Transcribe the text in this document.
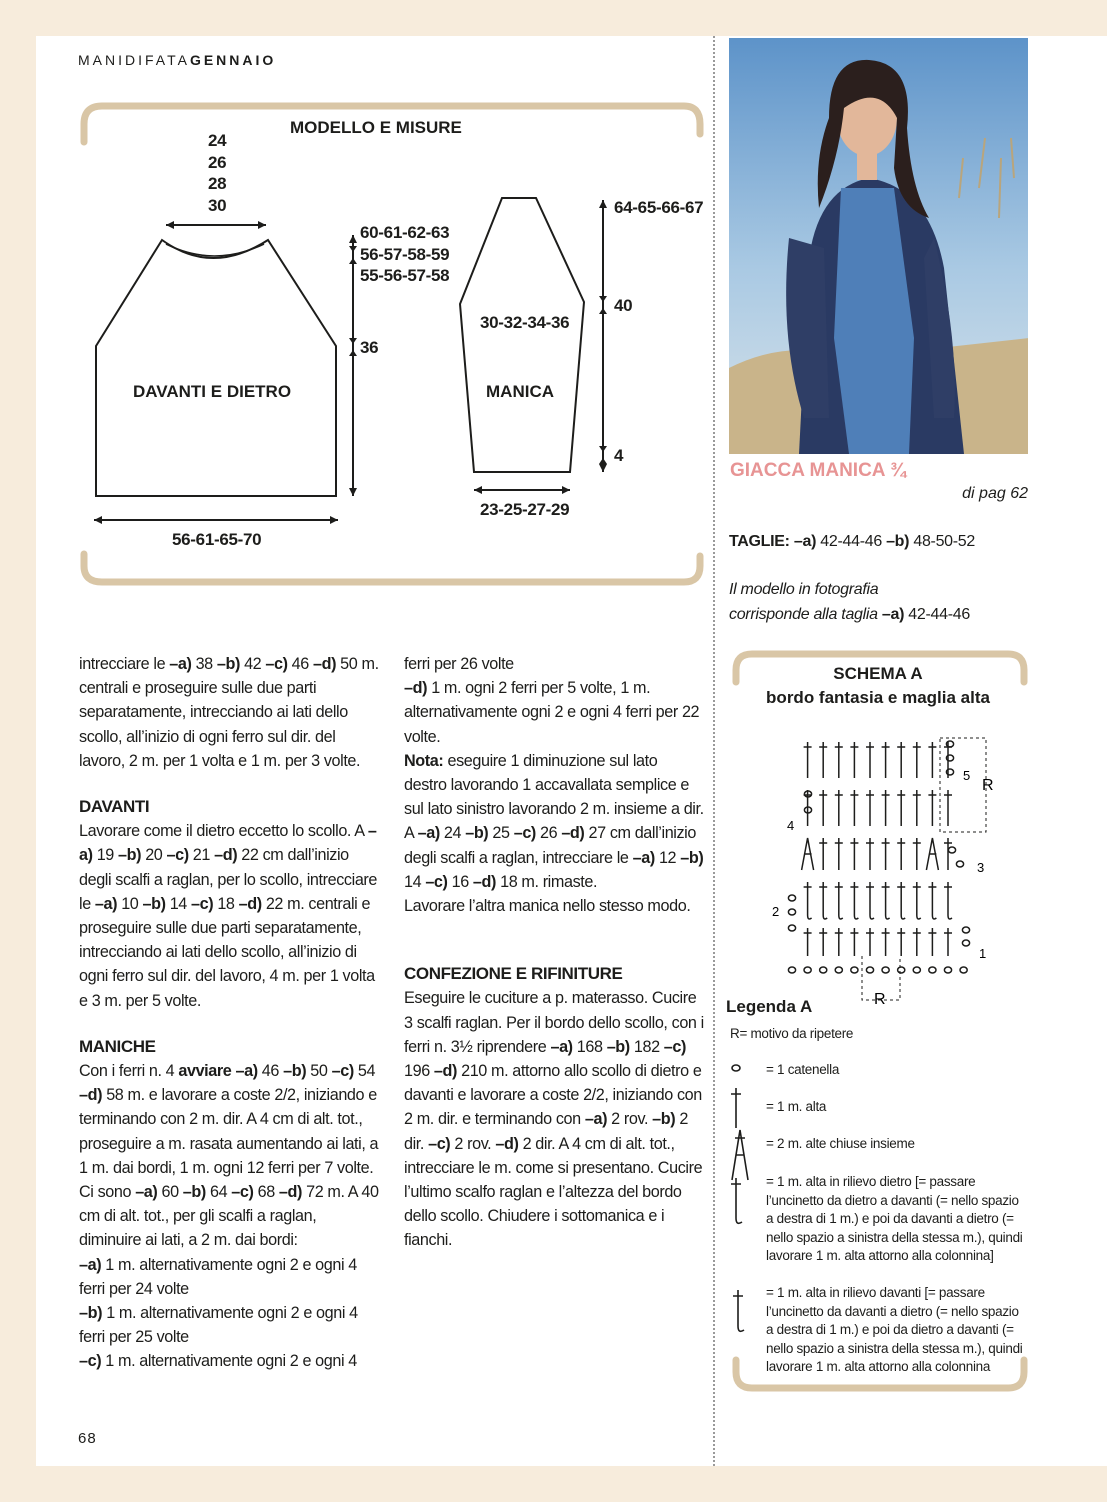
MANIDIFATAGENNAIO
MODELLO E MISURE
24
26
28
30
60-61-62-63
56-57-58-59
55-56-57-58
36
DAVANTI E DIETRO
56-61-65-70
30-32-34-36
MANICA
64-65-66-67
40
4
23-25-27-29

intrecciare le –a) 38 –b) 42 –c) 46 –d) 50 m. centrali e proseguire sulle due parti separatamente, intrecciando ai lati dello scollo, all’inizio di ogni ferro sul dir. del lavoro, 2 m. per 1 volta e 1 m. per 3 volte.

DAVANTI

Lavorare come il dietro eccetto lo scollo. A –a) 19 –b) 20 –c) 21 –d) 22 cm dall’inizio degli scalfi a raglan, per lo scollo, intrecciare le –a) 10 –b) 14 –c) 18 –d) 22 m. centrali e proseguire sulle due parti separatamente, intrecciando ai lati dello scollo, all’inizio di ogni ferro sul dir. del lavoro, 4 m. per 1 volta e 3 m. per 5 volte.

MANICHE

Con i ferri n. 4 avviare –a) 46 –b) 50 –c) 54 –d) 58 m. e lavorare a coste 2/2, iniziando e terminando con 2 m. dir. A 4 cm di alt. tot., proseguire a m. rasata aumentando ai lati, a 1 m. dai bordi, 1 m. ogni 12 ferri per 7 volte. Ci sono –a) 60 –b) 64 –c) 68 –d) 72 m. A 40 cm di alt. tot., per gli scalfi a raglan, diminuire ai lati, a 2 m. dai bordi:

–a) 1 m. alternativamente ogni 2 e ogni 4 ferri per 24 volte

–b) 1 m. alternativamente ogni 2 e ogni 4 ferri per 25 volte

–c) 1 m. alternativamente ogni 2 e ogni 4

ferri per 26 volte

–d) 1 m. ogni 2 ferri per 5 volte, 1 m. alternativamente ogni 2 e ogni 4 ferri per 22 volte.

Nota: eseguire 1 diminuzione sul lato destro lavorando 1 accavallata semplice e sul lato sinistro lavorando 2 m. insieme a dir.

A –a) 24 –b) 25 –c) 26 –d) 27 cm dall’inizio degli scalfi a raglan, intrecciare le –a) 12 –b) 14 –c) 16 –d) 18 m. rimaste.

Lavorare l’altra manica nello stesso modo.

CONFEZIONE E RIFINITURE

Eseguire le cuciture a p. materasso. Cucire 3 scalfi raglan. Per il bordo dello scollo, con i ferri n. 3½ riprendere –a) 168 –b) 182 –c) 196 –d) 210 m. attorno allo scollo di dietro e davanti e lavorare a coste 2/2, iniziando con 2 m. dir. e terminando con –a) 2 rov. –b) 2 dir. –c) 2 rov. –d) 2 dir. A 4 cm di alt. tot., intrecciare le m. come si presentano. Cucire l’ultimo scalfo raglan e l’altezza del bordo dello scollo. Chiudere i sottomanica e i fianchi.

68
GIACCA MANICA ¾
di pag 62
TAGLIE: –a) 42-44-46 –b) 48-50-52
Il modello in fotografia
corrisponde alla taglia –a) 42-44-46
SCHEMA A
bordo fantasia e maglia alta
R
R
1
2
3
4
5
Legenda A
R= motivo da ripetere
= 1 catenella
= 1 m. alta
= 2 m. alte chiuse insieme
= 1 m. alta in rilievo dietro [= passare l’uncinetto da dietro a davanti (= nello spazio a destra di 1 m.) e poi da davanti a dietro (= nello spazio a sinistra della stessa m.), quindi lavorare 1 m. alta attorno alla colonnina]
= 1 m. alta in rilievo davanti [= passare l’uncinetto da davanti a dietro (= nello spazio a destra di 1 m.) e poi da dietro a davanti (= nello spazio a sinistra della stessa m.), quindi lavorare 1 m. alta attorno alla colonnina
